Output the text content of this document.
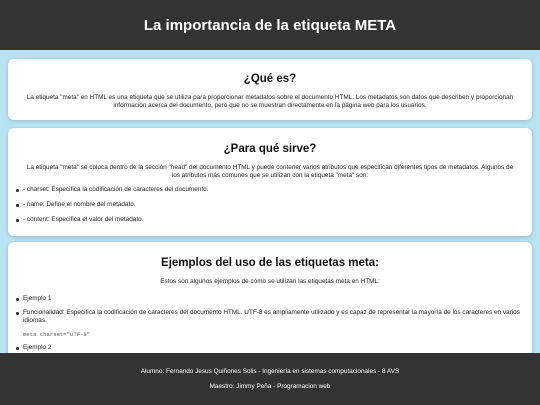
La importancia de la etiqueta META
¿Qué es?

La etiqueta "meta" en HTML es una etiqueta que se utiliza para proporcionar metadatos sobre el documento HTML. Los metadatos son datos que describen y proporcionan información acerca del documento, pero que no se muestran directamente en la página web para los usuarios.

¿Para qué sirve?

La etiqueta "meta" se coloca dentro de la sección "head" del documento HTML y puede contener varios atributos que especifican diferentes tipos de metadatos. Algunos de los atributos más comunes que se utilizan con la etiqueta "meta" son:

- charset: Especifica la codificación de caracteres del documento.
- name: Define el nombre del metadato.
- content: Especifica el valor del metadato.
Ejemplos del uso de las etiquetas meta:

Estos son algunos ejemplos de cómo se utilizan las etiquetas meta en HTML:

Ejemplo 1
Funcionalidad: Especifica la codificación de caracteres del documento HTML. UTF-8 es ampliamente utilizado y es capaz de representar la mayoría de los caracteres en varios idiomas.
meta charset="UTF-8"
Ejemplo 2

Alumno: Fernando Jesus Quiñones Solis - Ingeniería en sistemas computacionales - 8 AVS

Maestro: Jimmy Peña - Programacion web
